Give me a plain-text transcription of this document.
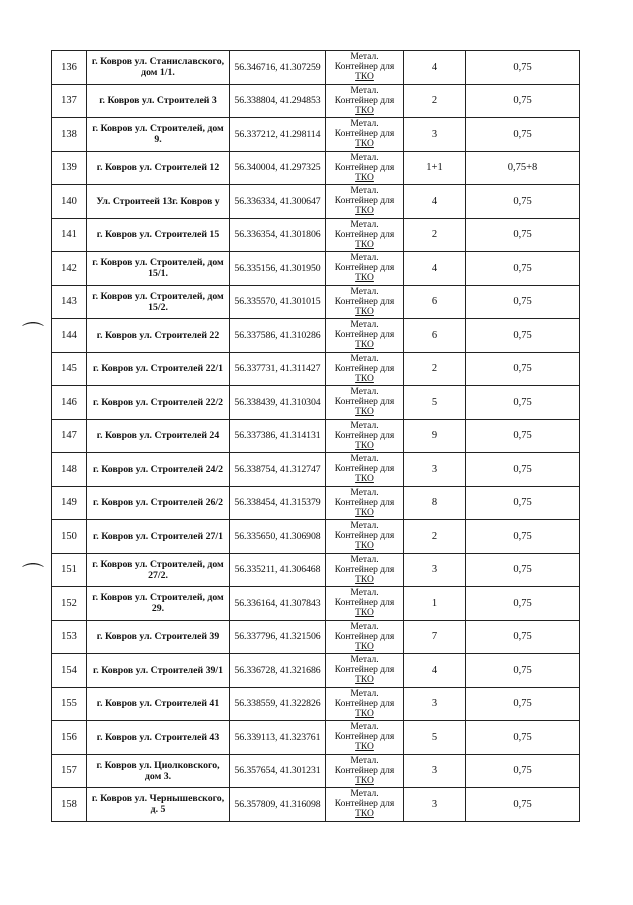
⌒
⌒
136	г. Ковров ул. Станиславского, дом 1/1.	56.346716, 41.307259	Метал.
Контейнер для
ТКО	4	0,75
137	г. Ковров ул. Строителей 3	56.338804, 41.294853	Метал.
Контейнер для
ТКО	2	0,75
138	г. Ковров ул. Строителей, дом 9.	56.337212, 41.298114	Метал.
Контейнер для
ТКО	3	0,75
139	г. Ковров ул. Строителей 12	56.340004, 41.297325	Метал.
Контейнер для
ТКО	1+1	0,75+8
140	Ул. Строитеей 13г. Ковров у	56.336334, 41.300647	Метал.
Контейнер для
ТКО	4	0,75
141	г. Ковров ул. Строителей 15	56.336354, 41.301806	Метал.
Контейнер для
ТКО	2	0,75
142	г. Ковров ул. Строителей, дом 15/1.	56.335156, 41.301950	Метал.
Контейнер для
ТКО	4	0,75
143	г. Ковров ул. Строителей, дом 15/2.	56.335570, 41.301015	Метал.
Контейнер для
ТКО	6	0,75
144	г. Ковров ул. Строителей 22	56.337586, 41.310286	Метал.
Контейнер для
ТКО	6	0,75
145	г. Ковров ул. Строителей 22/1	56.337731, 41.311427	Метал.
Контейнер для
ТКО	2	0,75
146	г. Ковров ул. Строителей 22/2	56.338439, 41.310304	Метал.
Контейнер для
ТКО	5	0,75
147	г. Ковров ул. Строителей 24	56.337386, 41.314131	Метал.
Контейнер для
ТКО	9	0,75
148	г. Ковров ул. Строителей 24/2	56.338754, 41.312747	Метал.
Контейнер для
ТКО	3	0,75
149	г. Ковров ул. Строителей 26/2	56.338454, 41.315379	Метал.
Контейнер для
ТКО	8	0,75
150	г. Ковров ул. Строителей 27/1	56.335650, 41.306908	Метал.
Контейнер для
ТКО	2	0,75
151	г. Ковров ул. Строителей, дом 27/2.	56.335211, 41.306468	Метал.
Контейнер для
ТКО	3	0,75
152	г. Ковров ул. Строителей, дом 29.	56.336164, 41.307843	Метал.
Контейнер для
ТКО	1	0,75
153	г. Ковров ул. Строителей 39	56.337796, 41.321506	Метал.
Контейнер для
ТКО	7	0,75
154	г. Ковров ул. Строителей 39/1	56.336728, 41.321686	Метал.
Контейнер для
ТКО	4	0,75
155	г. Ковров ул. Строителей 41	56.338559, 41.322826	Метал.
Контейнер для
ТКО	3	0,75
156	г. Ковров ул. Строителей 43	56.339113, 41.323761	Метал.
Контейнер для
ТКО	5	0,75
157	г. Ковров ул. Циолковского, дом 3.	56.357654, 41.301231	Метал.
Контейнер для
ТКО	3	0,75
158	г. Ковров ул. Чернышевского, д. 5	56.357809, 41.316098	Метал.
Контейнер для
ТКО	3	0,75
